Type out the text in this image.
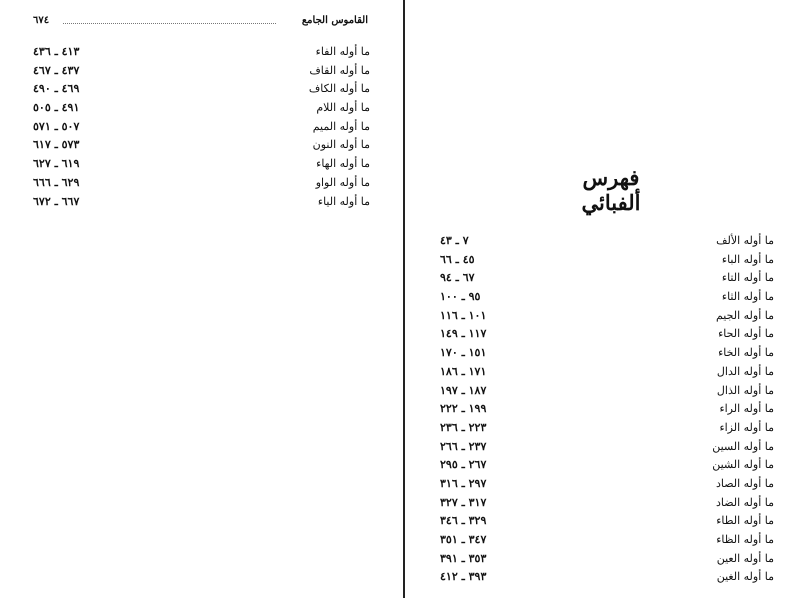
القاموس الجامع
٦٧٤
ما أوله الفاء
٤١٣ ـ ٤٣٦
ما أوله القاف
٤٣٧ ـ ٤٦٧
ما أوله الكاف
٤٦٩ ـ ٤٩٠
ما أوله اللام
٤٩١ ـ ٥٠٥
ما أوله الميم
٥٠٧ ـ ٥٧١
ما أوله النون
٥٧٣ ـ ٦١٧
ما أوله الهاء
٦١٩ ـ ٦٢٧
ما أوله الواو
٦٢٩ ـ ٦٦٦
ما أوله الياء
٦٦٧ ـ ٦٧٢
فهرس ألفبائي
ما أوله الألف
٧ ـ ٤٣
ما أوله الباء
٤٥ ـ ٦٦
ما أوله التاء
٦٧ ـ ٩٤
ما أوله الثاء
٩٥ ـ ١٠٠
ما أوله الجيم
١٠١ ـ ١١٦
ما أوله الحاء
١١٧ ـ ١٤٩
ما أوله الخاء
١٥١ ـ ١٧٠
ما أوله الدال
١٧١ ـ ١٨٦
ما أوله الذال
١٨٧ ـ ١٩٧
ما أوله الراء
١٩٩ ـ ٢٢٢
ما أوله الزاء
٢٢٣ ـ ٢٣٦
ما أوله السين
٢٣٧ ـ ٢٦٦
ما أوله الشين
٢٦٧ ـ ٢٩٥
ما أوله الصاد
٢٩٧ ـ ٣١٦
ما أوله الضاد
٣١٧ ـ ٣٢٧
ما أوله الطاء
٣٢٩ ـ ٣٤٦
ما أوله الظاء
٣٤٧ ـ ٣٥١
ما أوله العين
٣٥٣ ـ ٣٩١
ما أوله الغين
٣٩٣ ـ ٤١٢
